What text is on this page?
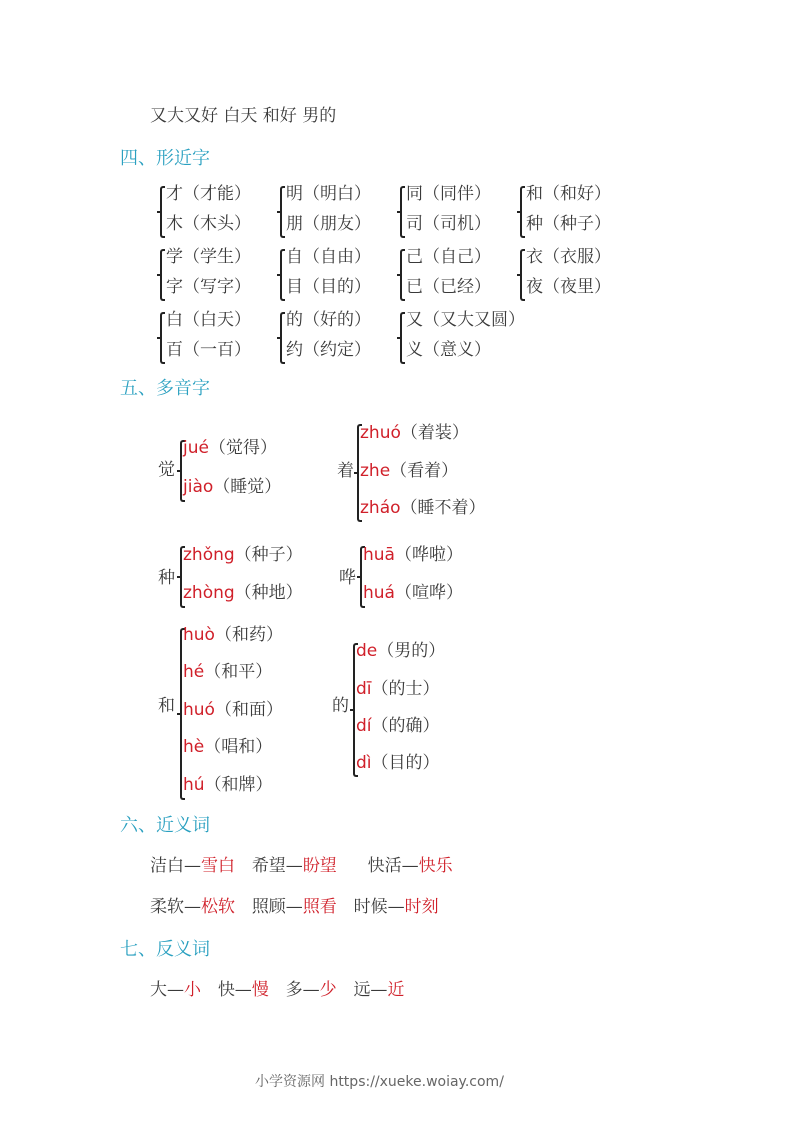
又大又好 白天 和好 男的
四、形近字
才（才能）
木（木头）
明（明白）
朋（朋友）
同（同伴）
司（司机）
和（和好）
种（种子）
学（学生）
字（写字）
自（自由）
目（目的）
己（自己）
已（已经）
衣（衣服）
夜（夜里）
白（白天）
百（一百）
的（好的）
约（约定）
又（又大又圆）
义（意义）
五、多音字
觉
jué（觉得）
jiào（睡觉）
着
zhuó（着装）
zhe（看着）
zháo（睡不着）
种
zhǒng（种子）
zhòng（种地）
哗
huā（哗啦）
huá（喧哗）
和
huò（和药）
hé（和平）
huó（和面）
hè（唱和）
hú（和牌）
的
de（男的）
dī（的士）
dí（的确）
dì（目的）
六、近义词
洁白—雪白 希望—盼望 快活—快乐
柔软—松软 照顾—照看 时候—时刻
七、反义词
大—小 快—慢 多—少 远—近
小学资源网 https://xueke.woiay.com/
